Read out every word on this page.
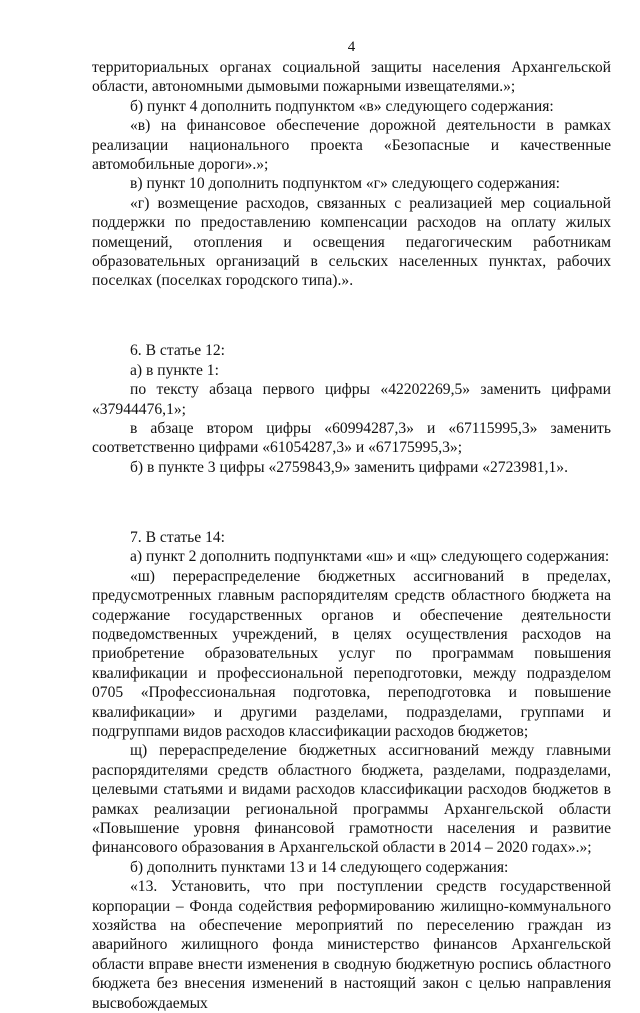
4

территориальных органах социальной защиты населения Архангельской области, автономными дымовыми пожарными извещателями.»;

б) пункт 4 дополнить подпунктом «в» следующего содержания:

«в) на финансовое обеспечение дорожной деятельности в рамках реализации национального проекта «Безопасные и качественные автомобильные дороги».»;

в) пункт 10 дополнить подпунктом «г» следующего содержания:

«г) возмещение расходов, связанных с реализацией мер социальной поддержки по предоставлению компенсации расходов на оплату жилых помещений, отопления и освещения педагогическим работникам образовательных организаций в сельских населенных пунктах, рабочих поселках (поселках городского типа).».

6. В статье 12:

а) в пункте 1:

по тексту абзаца первого цифры «42202269,5» заменить цифрами «37944476,1»;

в абзаце втором цифры «60994287,3» и «67115995,3» заменить соответственно цифрами «61054287,3» и «67175995,3»;

б) в пункте 3 цифры «2759843,9» заменить цифрами «2723981,1».

7. В статье 14:

а) пункт 2 дополнить подпунктами «ш» и «щ» следующего содержания:

«ш) перераспределение бюджетных ассигнований в пределах, предусмотренных главным распорядителям средств областного бюджета на содержание государственных органов и обеспечение деятельности подведомственных учреждений, в целях осуществления расходов на приобретение образовательных услуг по программам повышения квалификации и профессиональной переподготовки, между подразделом 0705 «Профессиональная подготовка, переподготовка и повышение квалификации» и другими разделами, подразделами, группами и подгруппами видов расходов классификации расходов бюджетов;

щ) перераспределение бюджетных ассигнований между главными распорядителями средств областного бюджета, разделами, подразделами, целевыми статьями и видами расходов классификации расходов бюджетов в рамках реализации региональной программы Архангельской области «Повышение уровня финансовой грамотности населения и развитие финансового образования в Архангельской области в 2014 – 2020 годах».»;

б) дополнить пунктами 13 и 14 следующего содержания:

«13. Установить, что при поступлении средств государственной корпорации – Фонда содействия реформированию жилищно-коммунального хозяйства на обеспечение мероприятий по переселению граждан из аварийного жилищного фонда министерство финансов Архангельской области вправе внести изменения в сводную бюджетную роспись областного бюджета без внесения изменений в настоящий закон с целью направления высвобождаемых
